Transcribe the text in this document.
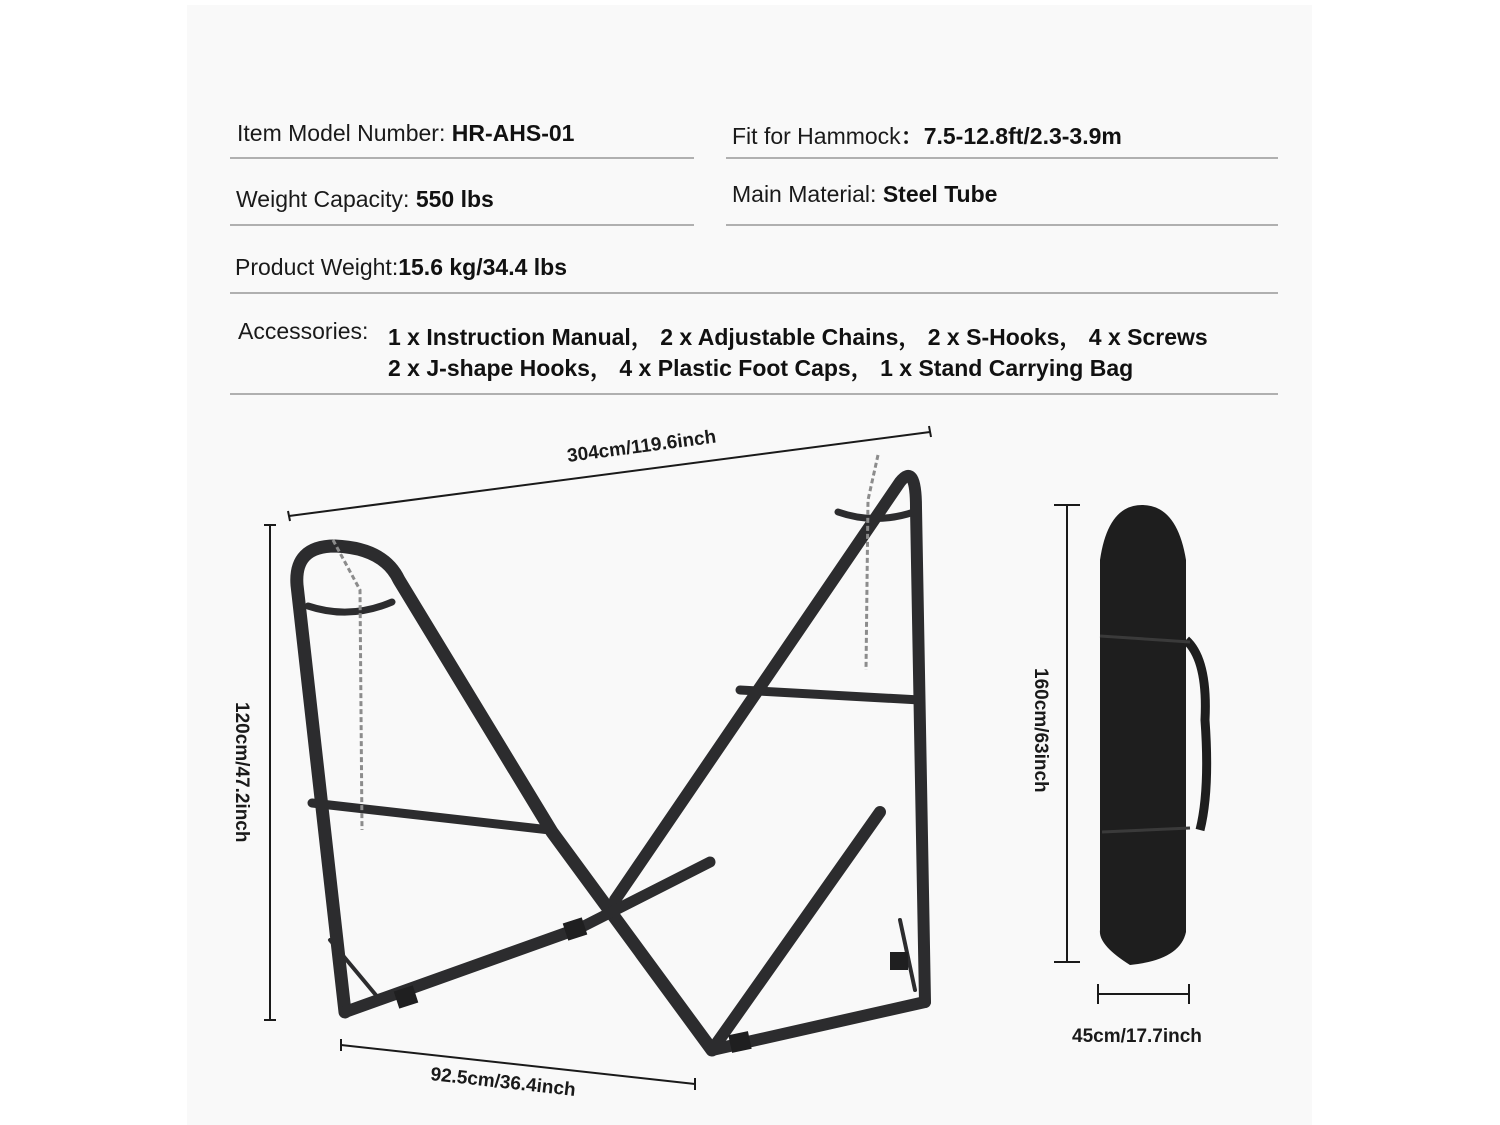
Item Model Number: HR-AHS-01	Fit for Hammock：7.5-12.8ft/2.3-3.9m
Weight Capacity: 550 lbs	Main Material: Steel Tube
Product Weight:15.6 kg/34.4 lbs
Accessories: 1 x Instruction Manual， 2 x Adjustable Chains， 2 x S-Hooks， 4 x Screws
2 x J-shape Hooks， 4 x Plastic Foot Caps， 1 x Stand Carrying Bag
304cm/119.6inch
120cm/47.2inch
92.5cm/36.4inch
160cm/63inch
45cm/17.7inch
